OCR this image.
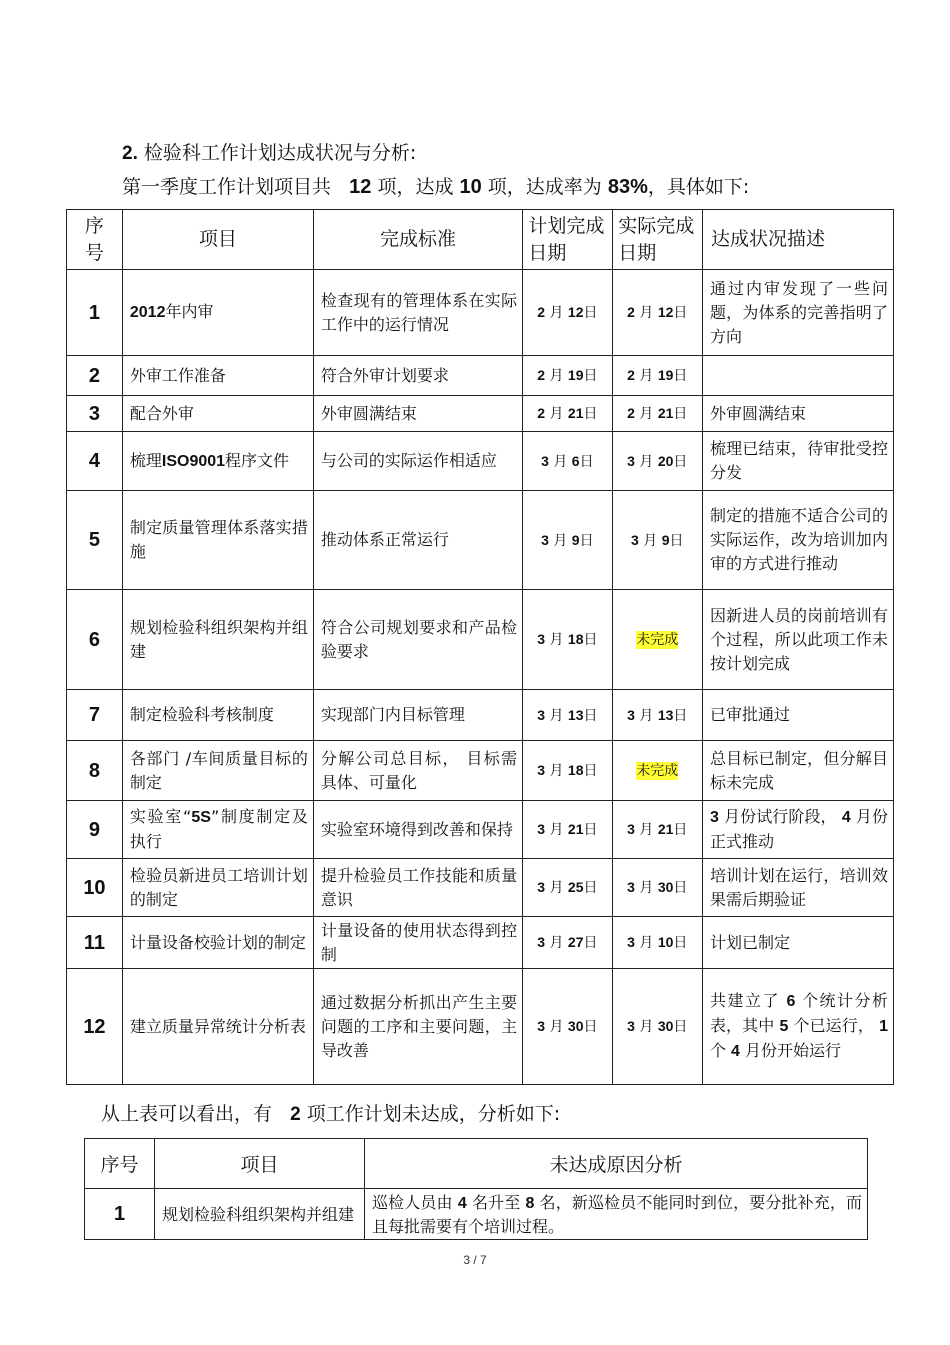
2. 检验科工作计划达成状况与分析:
第一季度工作计划项目共 12 项，达成 10 项，达成率为 83%，具体如下:
序号	项目	完成标准	计划完成日期	实际完成日期	达成状况描述
1	2012年内审	检查现有的管理体系在实际工作中的运行情况	2 月 12日	2 月 12日	通过内审发现了一些问题，为体系的完善指明了方向
2	外审工作准备	符合外审计划要求	2 月 19日	2 月 19日	
3	配合外审	外审圆满结束	2 月 21日	2 月 21日	外审圆满结束
4	梳理ISO9001程序文件	与公司的实际运作相适应	3 月 6日	3 月 20日	梳理已结束，待审批受控分发
5	制定质量管理体系落实措施	推动体系正常运行	3 月 9日	3 月 9日	制定的措施不适合公司的实际运作，改为培训加内审的方式进行推动
6	规划检验科组织架构并组建	符合公司规划要求和产品检验要求	3 月 18日	未完成	因新进人员的岗前培训有个过程，所以此项工作未按计划完成
7	制定检验科考核制度	实现部门内目标管理	3 月 13日	3 月 13日	已审批通过
8	各部门 /车间质量目标的制定	分解公司总目标， 目标需具体、可量化	3 月 18日	未完成	总目标已制定，但分解目标未完成
9	实验室“5S”制度制定及执行	实验室环境得到改善和保持	3 月 21日	3 月 21日	3 月份试行阶段， 4 月份正式推动
10	检验员新进员工培训计划的制定	提升检验员工作技能和质量意识	3 月 25日	3 月 30日	培训计划在运行，培训效果需后期验证
11	计量设备校验计划的制定	计量设备的使用状态得到控制	3 月 27日	3 月 10日	计划已制定
12	建立质量异常统计分析表	通过数据分析抓出产生主要问题的工序和主要问题，主导改善	3 月 30日	3 月 30日	共建立了 6 个统计分析表，其中 5 个已运行， 1 个 4 月份开始运行
从上表可以看出，有 2 项工作计划未达成，分析如下:
序号	项目	未达成原因分析
1	规划检验科组织架构并组建	巡检人员由 4 名升至 8 名，新巡检员不能同时到位，要分批补充，而且每批需要有个培训过程。
3 / 7
